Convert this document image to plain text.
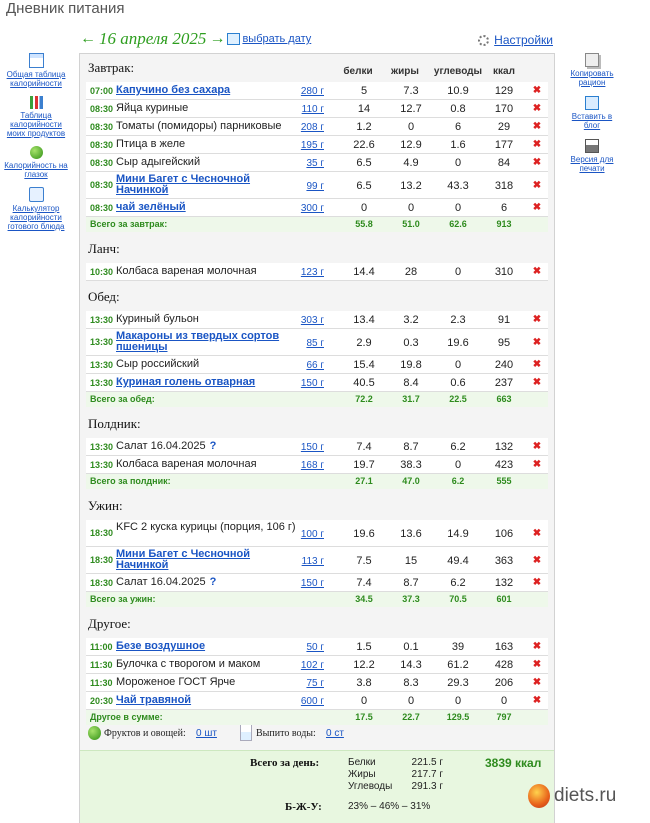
Дневник питания
← 16 апреля 2025 → выбрать дату	Настройки
Общая таблица калорийности
Таблица калорийности моих продуктов
Калорийность на глазок
Калькулятор калорийности готового блюда
Копировать рацион
Вставить в блог
Версия для печати
белки	жиры	углеводы	ккал
Фруктов и овощей: 0 шт	Выпито воды: 0 ст
Всего за день:	Белки	221.5 г
Жиры	217.7 г
Углеводы	291.3 г
3839 ккал
Б-Ж-У:	23% – 46% – 31%
Завтрак:
07:00 Капучино без сахара	280 г	5	7.3	10.9	129	✖
08:30 Яйца куриные	110 г	14	12.7	0.8	170	✖
08:30 Томаты (помидоры) парниковые	208 г	1.2	0	6	29	✖
08:30 Птица в желе	195 г	22.6	12.9	1.6	177	✖
08:30 Сыр адыгейский	35 г	6.5	4.9	0	84	✖
08:30 Мини Багет с Чесночной Начинкой	99 г	6.5	13.2	43.3	318	✖
08:30 чай зелёный	300 г	0	0	0	6	✖
Всего за завтрак:	55.8	51.0	62.6	913
Ланч:
10:30 Колбаса вареная молочная	123 г	14.4	28	0	310	✖
Обед:
13:30 Куриный бульон	303 г	13.4	3.2	2.3	91	✖
13:30 Макароны из твердых сортов пшеницы	85 г	2.9	0.3	19.6	95	✖
13:30 Сыр российский	66 г	15.4	19.8	0	240	✖
13:30 Куриная голень отварная	150 г	40.5	8.4	0.6	237	✖
Всего за обед:	72.2	31.7	22.5	663
Полдник:
13:30 Салат 16.04.2025 ?	150 г	7.4	8.7	6.2	132	✖
13:30 Колбаса вареная молочная	168 г	19.7	38.3	0	423	✖
Всего за полдник:	27.1	47.0	6.2	555
Ужин:
18:30 KFC 2 куска курицы (порция, 106 г)
100 г	19.6	13.6	14.9	106	✖
18:30 Мини Багет с Чесночной Начинкой	113 г	7.5	15	49.4	363	✖
18:30 Салат 16.04.2025 ?	150 г	7.4	8.7	6.2	132	✖
Всего за ужин:	34.5	37.3	70.5	601
Другое:
11:00 Безе воздушное	50 г	1.5	0.1	39	163	✖
11:30 Булочка с творогом и маком	102 г	12.2	14.3	61.2	428	✖
11:30 Мороженое ГОСТ Ярче	75 г	3.8	8.3	29.3	206	✖
20:30 Чай травяной	600 г	0	0	0	0	✖
Другое в сумме:	17.5	22.7	129.5	797
diets.ru
